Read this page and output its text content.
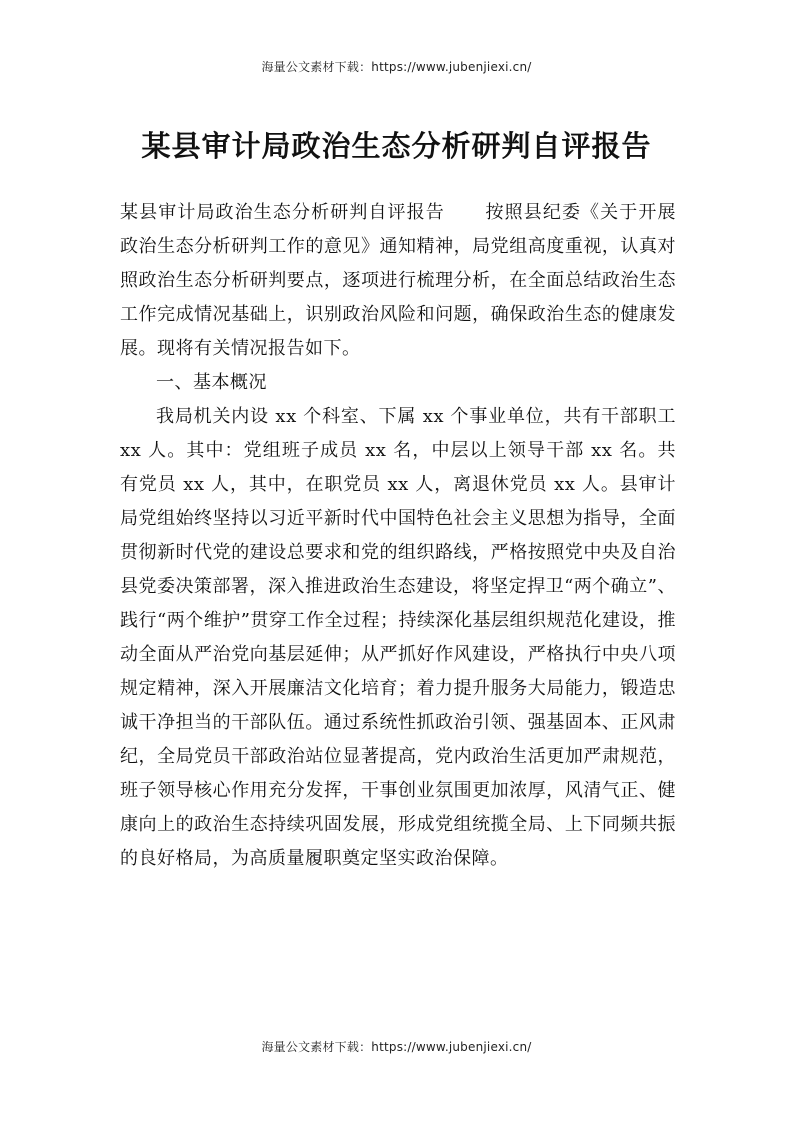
海量公文素材下载：https://www.jubenjiexi.cn/
某县审计局政治生态分析研判自评报告

某县审计局政治生态分析研判自评报告 按照县纪委《关于开展政治生态分析研判工作的意见》通知精神，局党组高度重视，认真对照政治生态分析研判要点，逐项进行梳理分析，在全面总结政治生态工作完成情况基础上，识别政治风险和问题，确保政治生态的健康发展。现将有关情况报告如下。

一、基本概况

我局机关内设 xx 个科室、下属 xx 个事业单位，共有干部职工 xx 人。其中：党组班子成员 xx 名，中层以上领导干部 xx 名。共有党员 xx 人，其中，在职党员 xx 人，离退休党员 xx 人。县审计局党组始终坚持以习近平新时代中国特色社会主义思想为指导，全面贯彻新时代党的建设总要求和党的组织路线，严格按照党中央及自治县党委决策部署，深入推进政治生态建设，将坚定捍卫“两个确立”、践行“两个维护”贯穿工作全过程；持续深化基层组织规范化建设，推动全面从严治党向基层延伸；从严抓好作风建设，严格执行中央八项规定精神，深入开展廉洁文化培育；着力提升服务大局能力，锻造忠诚干净担当的干部队伍。通过系统性抓政治引领、强基固本、正风肃纪，全局党员干部政治站位显著提高，党内政治生活更加严肃规范，班子领导核心作用充分发挥，干事创业氛围更加浓厚，风清气正、健康向上的政治生态持续巩固发展，形成党组统揽全局、上下同频共振的良好格局，为高质量履职奠定坚实政治保障。

海量公文素材下载：https://www.jubenjiexi.cn/
